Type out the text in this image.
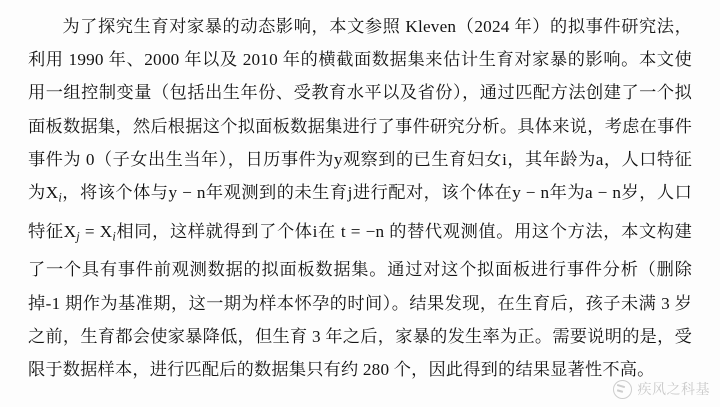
为了探究生育对家暴的动态影响，本文参照 Kleven（2024 年）的拟事件研究法，利用 1990 年、2000 年以及 2010 年的横截面数据集来估计生育对家暴的影响。本文使用一组控制变量（包括出生年份、受教育水平以及省份），通过匹配方法创建了一个拟面板数据集，然后根据这个拟面板数据集进行了事件研究分析。具体来说，考虑在事件事件为 0（子女出生当年），日历事件为y观察到的已生育妇女i，其年龄为a，人口特征为$X_i$，将该个体与y − n年观测到的未生育j进行配对，该个体在y − n年为a − n岁，人口特征$X_j = X_i$相同，这样就得到了个体i在 t = −n 的替代观测值。用这个方法，本文构建了一个具有事件前观测数据的拟面板数据集。通过对这个拟面板进行事件分析（删除掉-1 期作为基准期，这一期为样本怀孕的时间）。结果发现，在生育后，孩子未满 3 岁之前，生育都会使家暴降低，但生育 3 年之后，家暴的发生率为正。需要说明的是，受限于数据样本，进行匹配后的数据集只有约 280 个，因此得到的结果显著性不高。

疾风之科基
